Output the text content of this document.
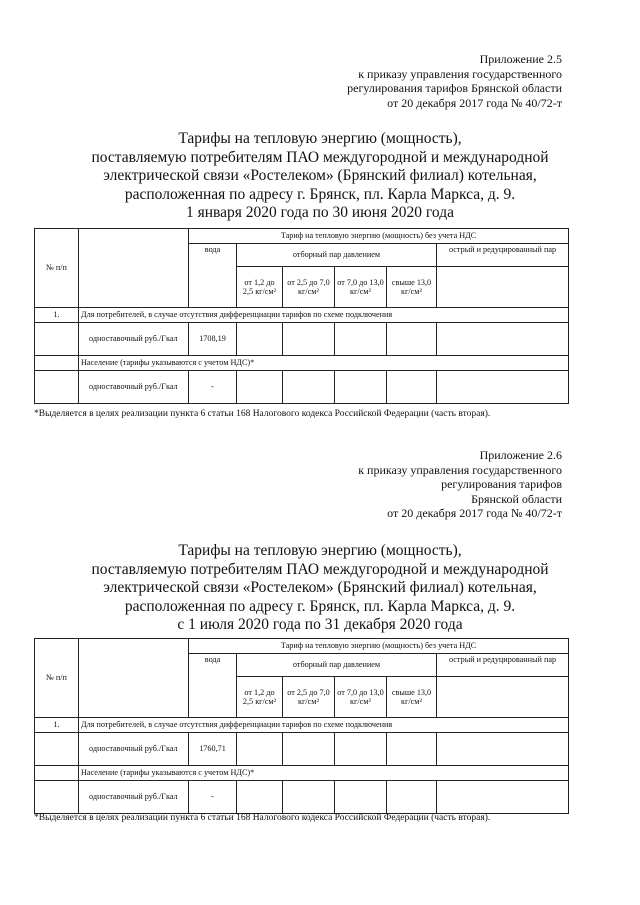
Приложение 2.5
к приказу управления государственного
регулирования тарифов Брянской области
от 20 декабря 2017 года № 40/72-т
Тарифы на тепловую энергию (мощность),
поставляемую потребителям ПАО междугородной и международной
электрической связи «Ростелеком» (Брянский филиал) котельная,
расположенная по адресу г. Брянск, пл. Карла Маркса, д. 9.
1 января 2020 года по 30 июня 2020 года
№ п/п		Тариф на тепловую энергию (мощность) без учета НДС					
		вода	отборный пар давлением				острый и редуцированный пар
			от 1,2 до 2,5 кг/см²	от 2,5 до 7,0 кг/см²	от 7,0 до 13,0 кг/см²	свыше 13,0 кг/см²	
1.	Для потребителей, в случае отсутствия дифференциации тарифов по схеме подключения						
	одноставочный руб./Гкал	1708,19					
	Население (тарифы указываются с учетом НДС)*						
	одноставочный руб./Гкал	-					
*Выделяется в целях реализации пункта 6 статьи 168 Налогового кодекса Российской Федерации (часть вторая).
Приложение 2.6
к приказу управления государственного
регулирования тарифов
Брянской области
от 20 декабря 2017 года № 40/72-т
Тарифы на тепловую энергию (мощность),
поставляемую потребителям ПАО междугородной и международной
электрической связи «Ростелеком» (Брянский филиал) котельная,
расположенная по адресу г. Брянск, пл. Карла Маркса, д. 9.
с 1 июля 2020 года по 31 декабря 2020 года
№ п/п		Тариф на тепловую энергию (мощность) без учета НДС					
		вода	отборный пар давлением				острый и редуцированный пар
			от 1,2 до 2,5 кг/см²	от 2,5 до 7,0 кг/см²	от 7,0 до 13,0 кг/см²	свыше 13,0 кг/см²	
1.	Для потребителей, в случае отсутствия дифференциации тарифов по схеме подключения						
	одноставочный руб./Гкал	1760,71					
	Население (тарифы указываются с учетом НДС)*						
	одноставочный руб./Гкал	-					
*Выделяется в целях реализации пункта 6 статьи 168 Налогового кодекса Российской Федерации (часть вторая).
